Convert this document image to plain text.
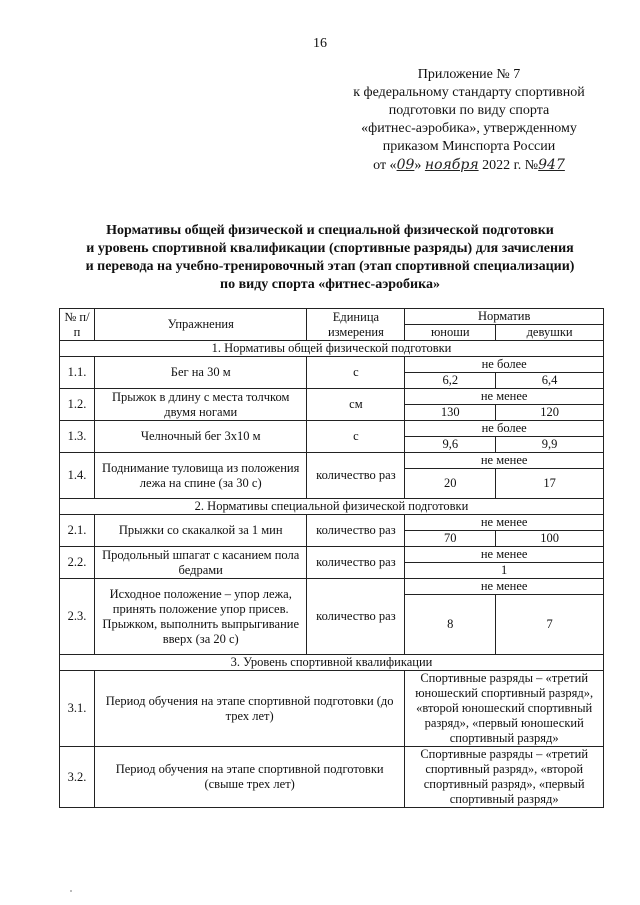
16
Приложение № 7
к федеральному стандарту спортивной
подготовки по виду спорта
«фитнес-аэробика», утвержденному
приказом Минспорта России
от «09» ноября 2022 г. №947
Нормативы общей физической и специальной физической подготовки
и уровень спортивной квалификации (спортивные разряды) для зачисления
и перевода на учебно-тренировочный этап (этап спортивной специализации)
по виду спорта «фитнес-аэробика»
№ п/п	Упражнения	Единица измерения	Норматив	
			юноши	девушки
1. Нормативы общей физической подготовки				
1.1.	Бег на 30 м	с	не более	
			6,2	6,4
1.2.	Прыжок в длину с места толчком двумя ногами	см	не менее	
			130	120
1.3.	Челночный бег 3х10 м	с	не более	
			9,6	9,9
1.4.	Поднимание туловища из положения лежа на спине (за 30 с)	количество раз	не менее	
			20	17
2. Нормативы специальной физической подготовки				
2.1.	Прыжки со скакалкой за 1 мин	количество раз	не менее	
			70	100
2.2.	Продольный шпагат с касанием пола бедрами	количество раз	не менее	
			1	
2.3.	Исходное положение – упор лежа, принять положение упор присев. Прыжком, выполнить выпрыгивание вверх (за 20 с)	количество раз	не менее	
			8	7
3. Уровень спортивной квалификации				
3.1.	Период обучения на этапе спортивной подготовки (до трех лет)		Спортивные разряды – «третий юношеский спортивный разряд», «второй юношеский спортивный разряд», «первый юношеский спортивный разряд»	
3.2.	Период обучения на этапе спортивной подготовки (свыше трех лет)		Спортивные разряды – «третий спортивный разряд», «второй спортивный разряд», «первый спортивный разряд»	
